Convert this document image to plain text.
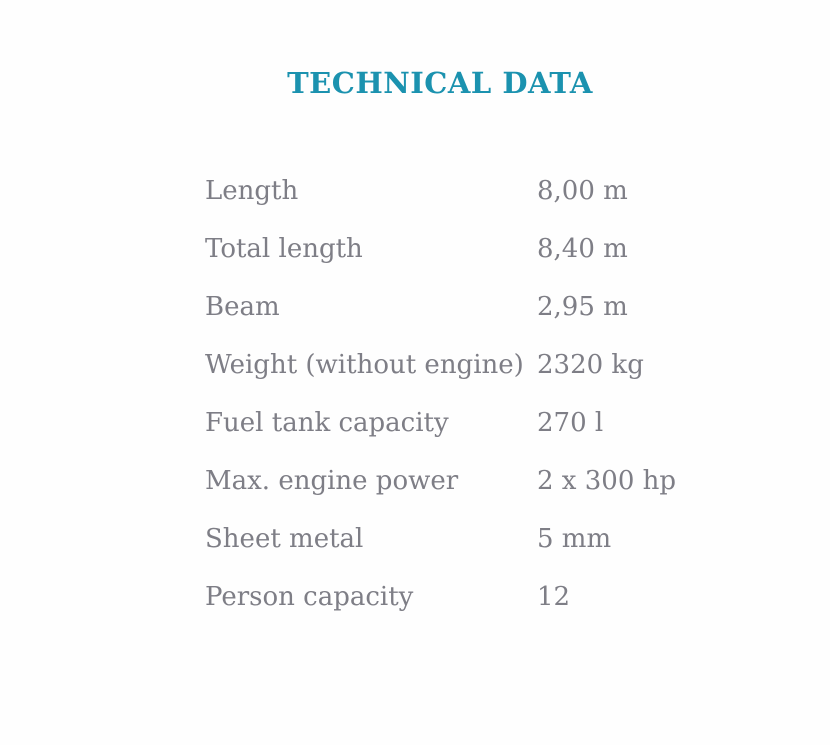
TECHNICAL DATA
Length	8,00 m
Total length	8,40 m
Beam	2,95 m
Weight (without engine) 2320 kg
Fuel tank capacity	270 l
Max. engine power	2 x 300 hp
Sheet metal	5 mm
Person capacity	12
